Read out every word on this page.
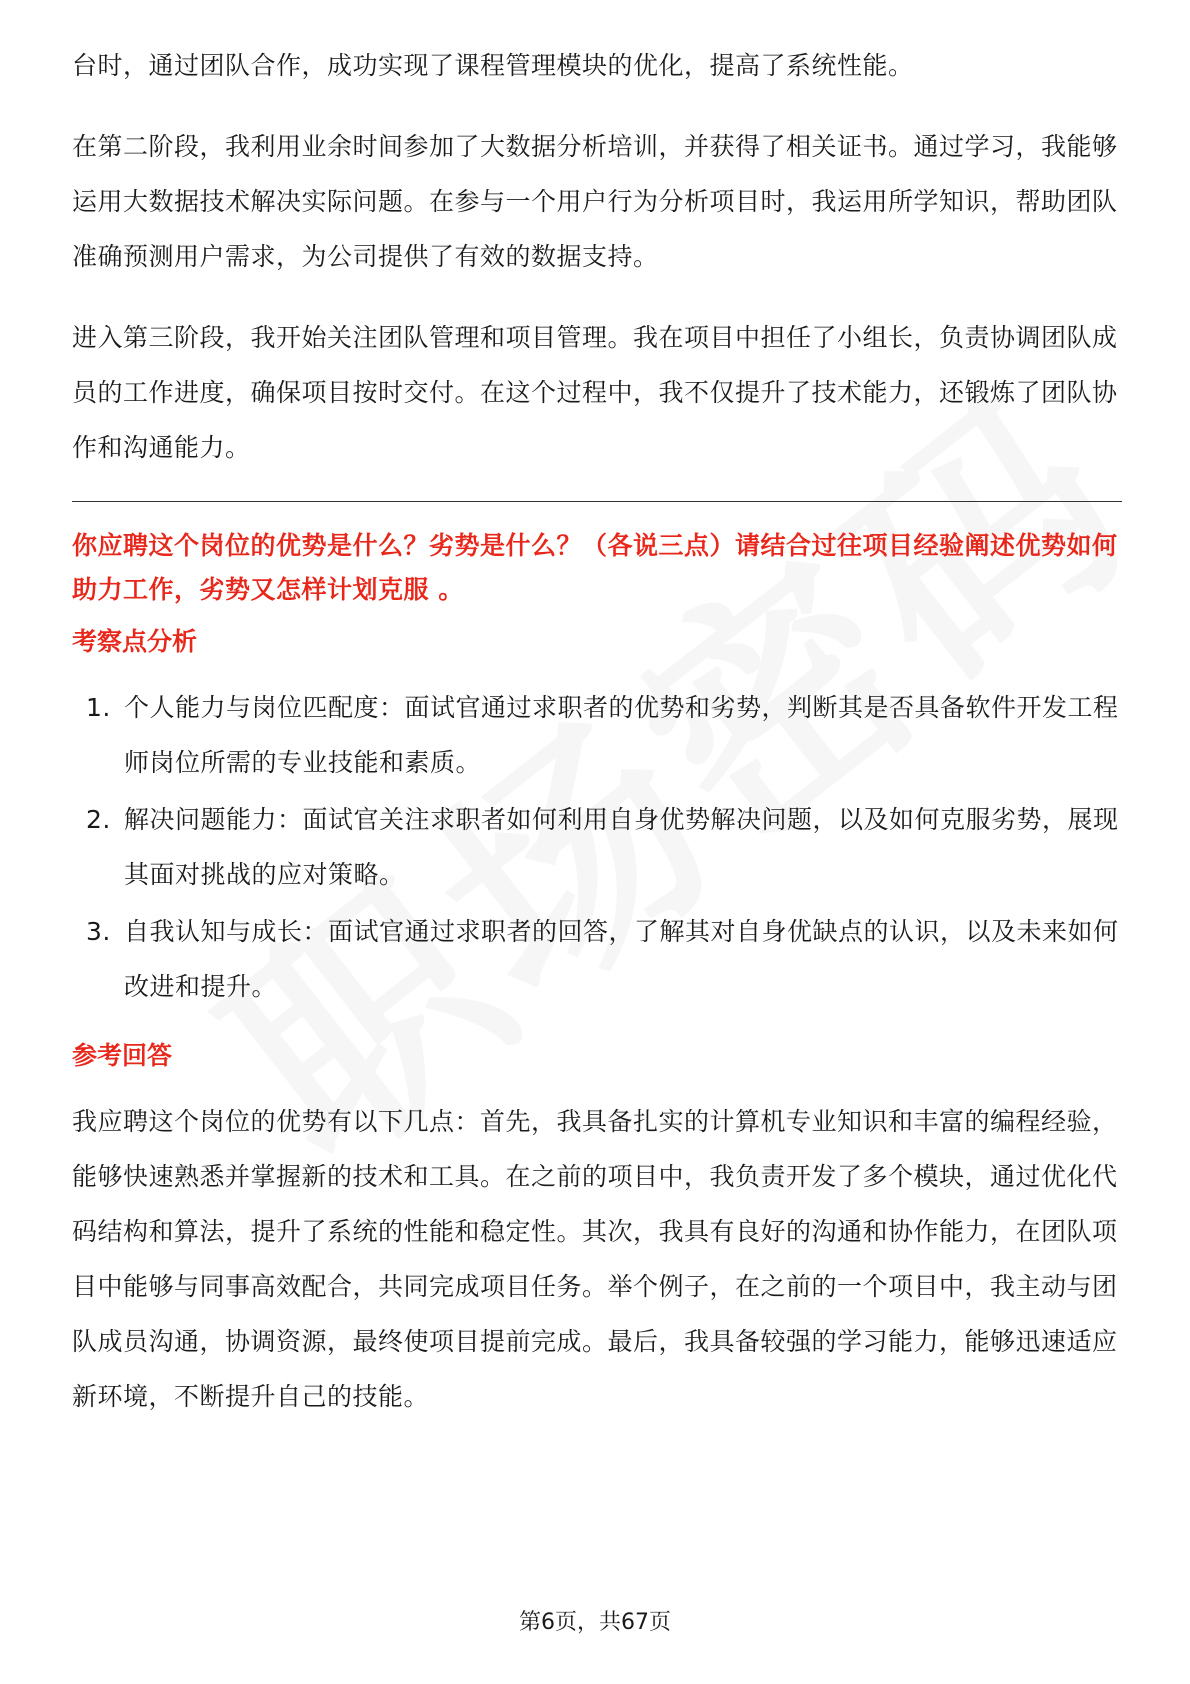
台时，通过团队合作，成功实现了课程管理模块的优化，提高了系统性能。

在第二阶段，我利用业余时间参加了大数据分析培训，并获得了相关证书。通过学习，我能够运用大数据技术解决实际问题。在参与一个用户行为分析项目时，我运用所学知识，帮助团队准确预测用户需求，为公司提供了有效的数据支持。

进入第三阶段，我开始关注团队管理和项目管理。我在项目中担任了小组长，负责协调团队成员的工作进度，确保项目按时交付。在这个过程中，我不仅提升了技术能力，还锻炼了团队协作和沟通能力。

你应聘这个岗位的优势是什么？劣势是什么？（各说三点）请结合过往项目经验阐述优势如何助力工作，劣势又怎样计划克服 。

考察点分析
1. 个人能力与岗位匹配度：面试官通过求职者的优势和劣势，判断其是否具备软件开发工程师岗位所需的专业技能和素质。
2. 解决问题能力：面试官关注求职者如何利用自身优势解决问题，以及如何克服劣势，展现其面对挑战的应对策略。
3. 自我认知与成长：面试官通过求职者的回答，了解其对自身优缺点的认识，以及未来如何改进和提升。
参考回答

我应聘这个岗位的优势有以下几点：首先，我具备扎实的计算机专业知识和丰富的编程经验，能够快速熟悉并掌握新的技术和工具。在之前的项目中，我负责开发了多个模块，通过优化代码结构和算法，提升了系统的性能和稳定性。其次，我具有良好的沟通和协作能力，在团队项目中能够与同事高效配合，共同完成项目任务。举个例子，在之前的一个项目中，我主动与团队成员沟通，协调资源，最终使项目提前完成。最后，我具备较强的学习能力，能够迅速适应新环境，不断提升自己的技能。

第6页，共67页
